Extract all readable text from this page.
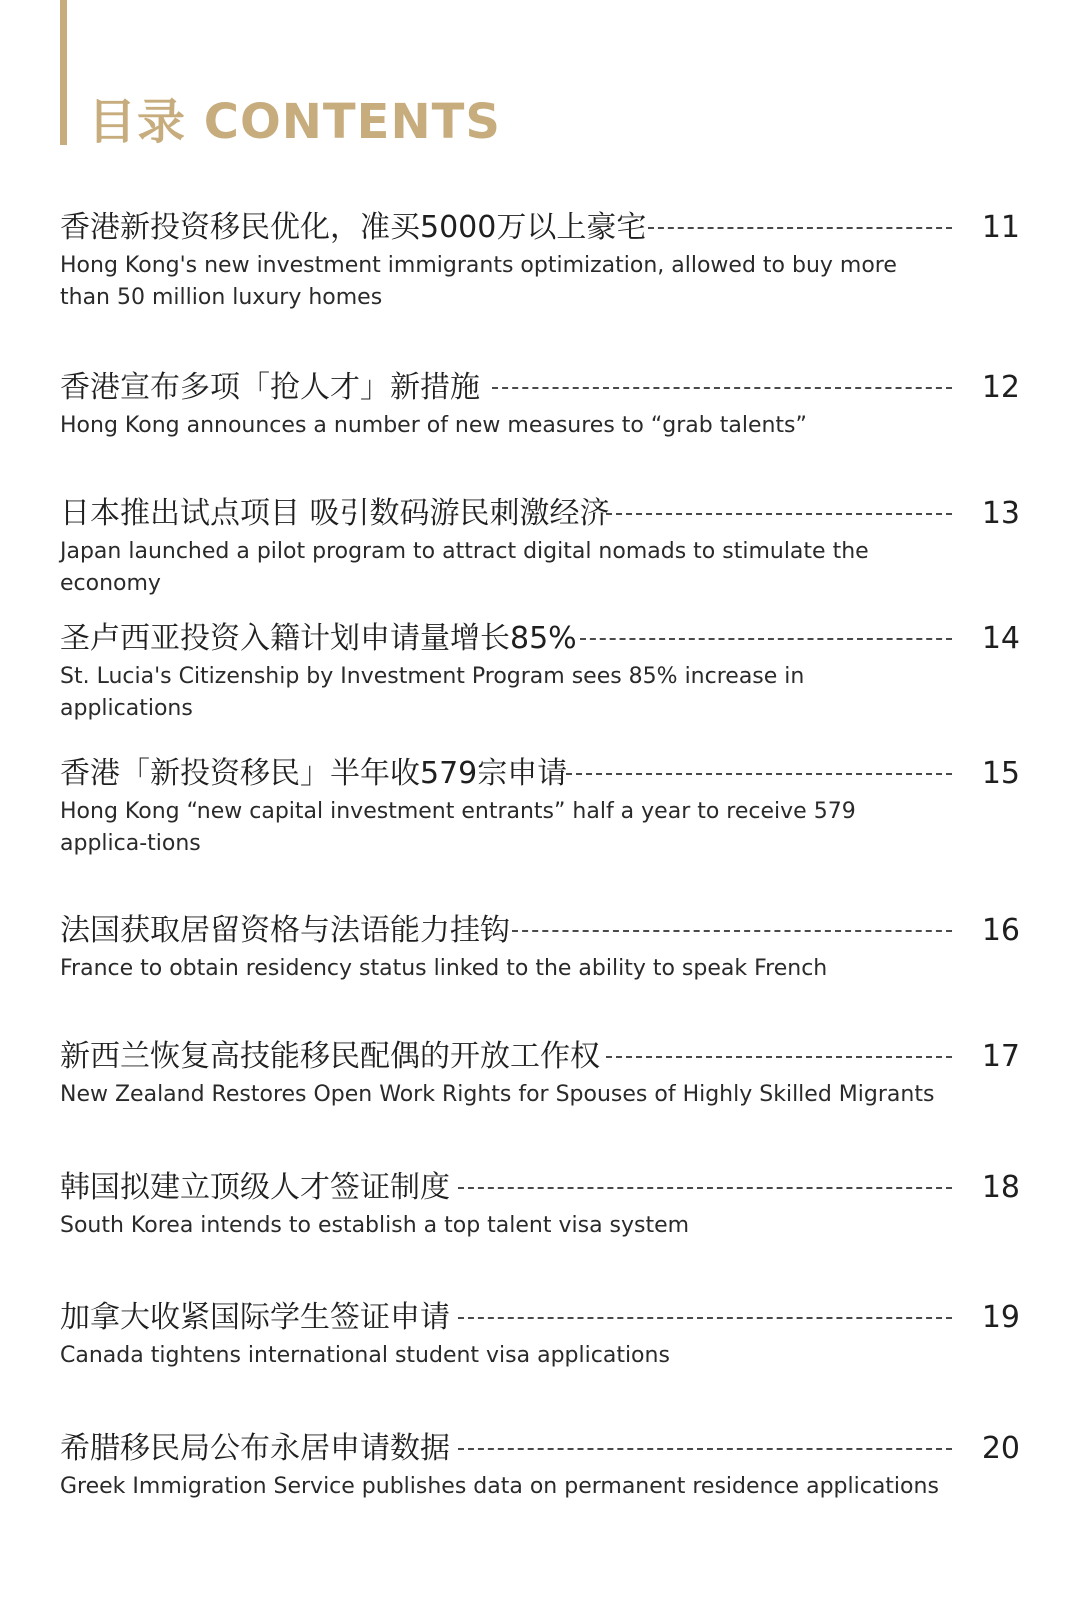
目录 CONTENTS
香港新投资移民优化，准买5000万以上豪宅	11
Hong Kong's new investment immigrants optimization, allowed to buy more than 50 million luxury homes
香港宣布多项「抢人才」新措施	12
Hong Kong announces a number of new measures to “grab talents”
日本推出试点项目 吸引数码游民刺激经济	13
Japan launched a pilot program to attract digital nomads to stimulate the economy
圣卢西亚投资入籍计划申请量增长85%	14
St. Lucia's Citizenship by Investment Program sees 85% increase in applications
香港「新投资移民」半年收579宗申请	15
Hong Kong “new capital investment entrants” half a year to receive 579 applica-tions
法国获取居留资格与法语能力挂钩	16
France to obtain residency status linked to the ability to speak French
新西兰恢复高技能移民配偶的开放工作权	17
New Zealand Restores Open Work Rights for Spouses of Highly Skilled Migrants
韩国拟建立顶级人才签证制度	18
South Korea intends to establish a top talent visa system
加拿大收紧国际学生签证申请	19
Canada tightens international student visa applications
希腊移民局公布永居申请数据	20
Greek Immigration Service publishes data on permanent residence applications
